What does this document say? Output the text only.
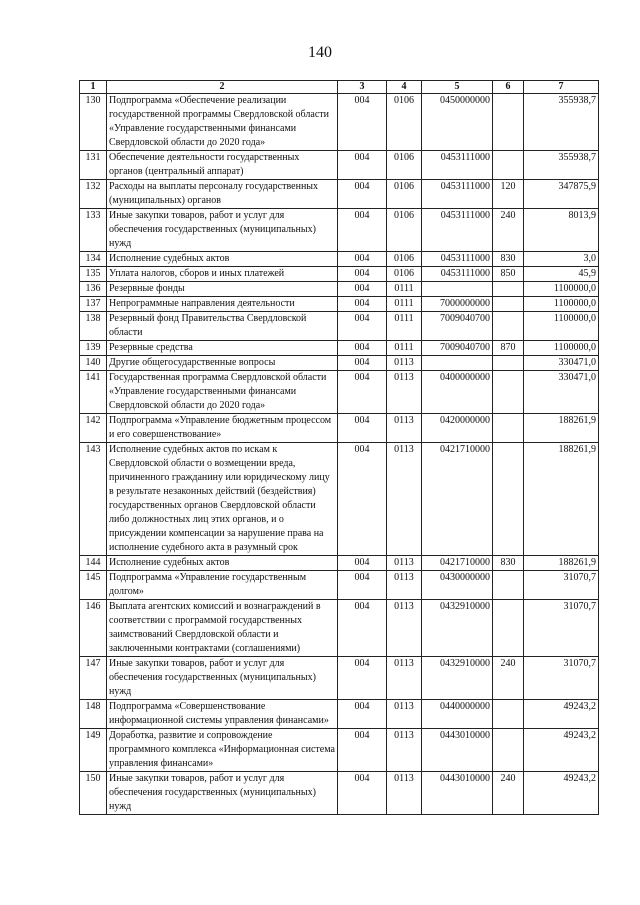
140
1	2	3	4	5	6	7
130	Подпрограмма «Обеспечение реализации государственной программы Свердловской области «Управление государственными финансами Свердловской области до 2020 года»	004	0106	0450000000		355938,7
131	Обеспечение деятельности государственных органов (центральный аппарат)	004	0106	0453111000		355938,7
132	Расходы на выплаты персоналу государственных (муниципальных) органов	004	0106	0453111000	120	347875,9
133	Иные закупки товаров, работ и услуг для обеспечения государственных (муниципальных) нужд	004	0106	0453111000	240	8013,9
134	Исполнение судебных актов	004	0106	0453111000	830	3,0
135	Уплата налогов, сборов и иных платежей	004	0106	0453111000	850	45,9
136	Резервные фонды	004	0111			1100000,0
137	Непрограммные направления деятельности	004	0111	7000000000		1100000,0
138	Резервный фонд Правительства Свердловской области	004	0111	7009040700		1100000,0
139	Резервные средства	004	0111	7009040700	870	1100000,0
140	Другие общегосударственные вопросы	004	0113			330471,0
141	Государственная программа Свердловской области «Управление государственными финансами Свердловской области до 2020 года»	004	0113	0400000000		330471,0
142	Подпрограмма «Управление бюджетным процессом и его совершенствование»	004	0113	0420000000		188261,9
143	Исполнение судебных актов по искам к Свердловской области о возмещении вреда, причиненного гражданину или юридическому лицу в результате незаконных действий (бездействия) государственных органов Свердловской области либо должностных лиц этих органов, и о присуждении компенсации за нарушение права на исполнение судебного акта в разумный срок	004	0113	0421710000		188261,9
144	Исполнение судебных актов	004	0113	0421710000	830	188261,9
145	Подпрограмма «Управление государственным долгом»	004	0113	0430000000		31070,7
146	Выплата агентских комиссий и вознаграждений в соответствии с программой государственных заимствований Свердловской области и заключенными контрактами (соглашениями)	004	0113	0432910000		31070,7
147	Иные закупки товаров, работ и услуг для обеспечения государственных (муниципальных) нужд	004	0113	0432910000	240	31070,7
148	Подпрограмма «Совершенствование информационной системы управления финансами»	004	0113	0440000000		49243,2
149	Доработка, развитие и сопровождение программного комплекса «Информационная система управления финансами»	004	0113	0443010000		49243,2
150	Иные закупки товаров, работ и услуг для обеспечения государственных (муниципальных) нужд	004	0113	0443010000	240	49243,2
